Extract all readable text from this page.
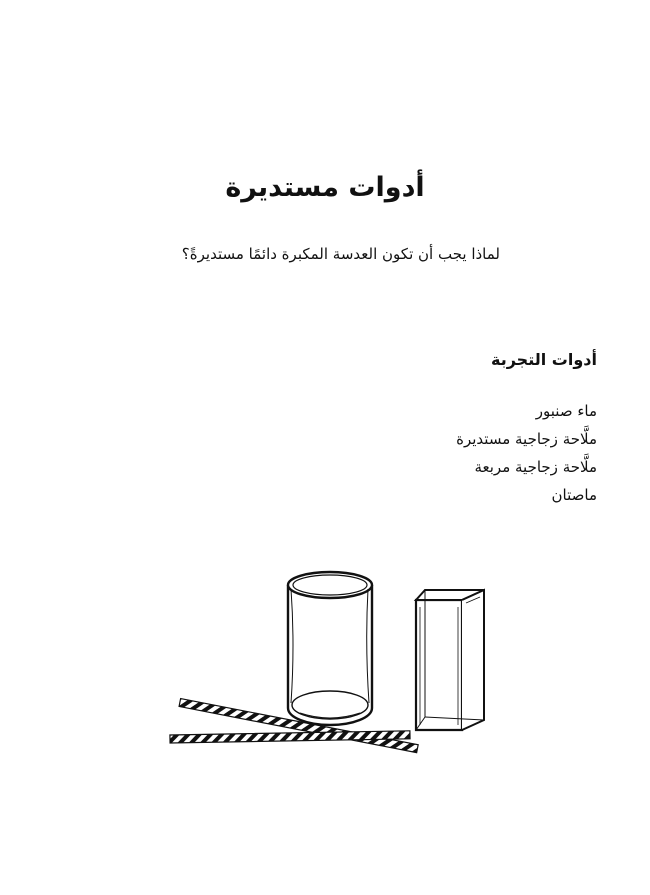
أدوات مستديرة
لماذا يجب أن تكون العدسة المكبرة دائمًا مستديرةً؟
أدوات التجربة
ماء صنبور
ملَّاحة زجاجية مستديرة
ملَّاحة زجاجية مربعة
ماصتان
